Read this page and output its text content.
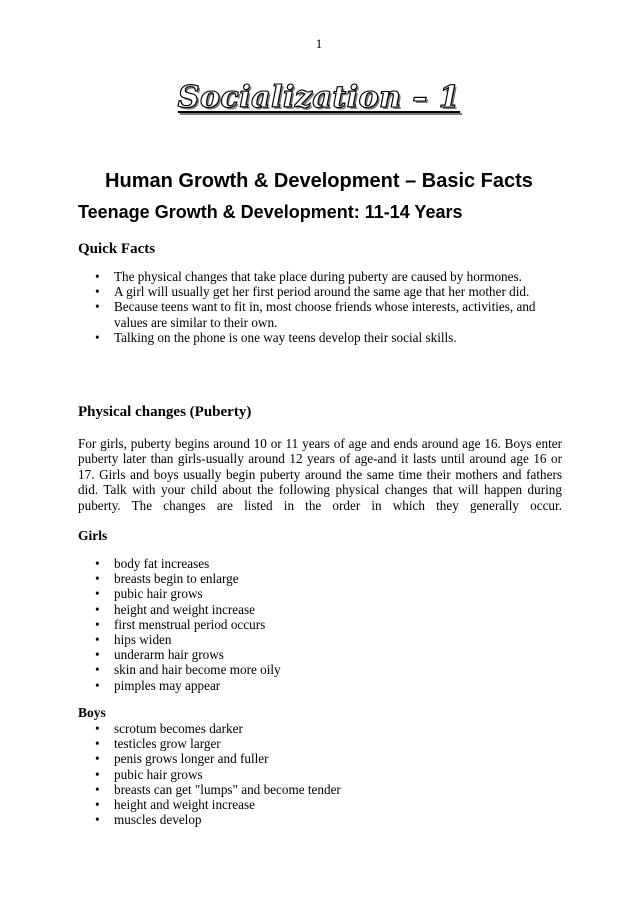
1
Socialization – 1
Human Growth & Development – Basic Facts
Teenage Growth & Development: 11-14 Years
Quick Facts
• The physical changes that take place during puberty are caused by hormones.
• A girl will usually get her first period around the same age that her mother did.
• Because teens want to fit in, most choose friends whose interests, activities, and values are similar to their own.
• Talking on the phone is one way teens develop their social skills.
Physical changes (Puberty)

For girls, puberty begins around 10 or 11 years of age and ends around age 16. Boys enter puberty later than girls-usually around 12 years of age-and it lasts until around age 16 or 17. Girls and boys usually begin puberty around the same time their mothers and fathers did. Talk with your child about the following physical changes that will happen during puberty. The changes are listed in the order in which they generally occur.

Girls
• body fat increases
• breasts begin to enlarge
• pubic hair grows
• height and weight increase
• first menstrual period occurs
• hips widen
• underarm hair grows
• skin and hair become more oily
• pimples may appear
Boys
• scrotum becomes darker
• testicles grow larger
• penis grows longer and fuller
• pubic hair grows
• breasts can get "lumps" and become tender
• height and weight increase
• muscles develop
